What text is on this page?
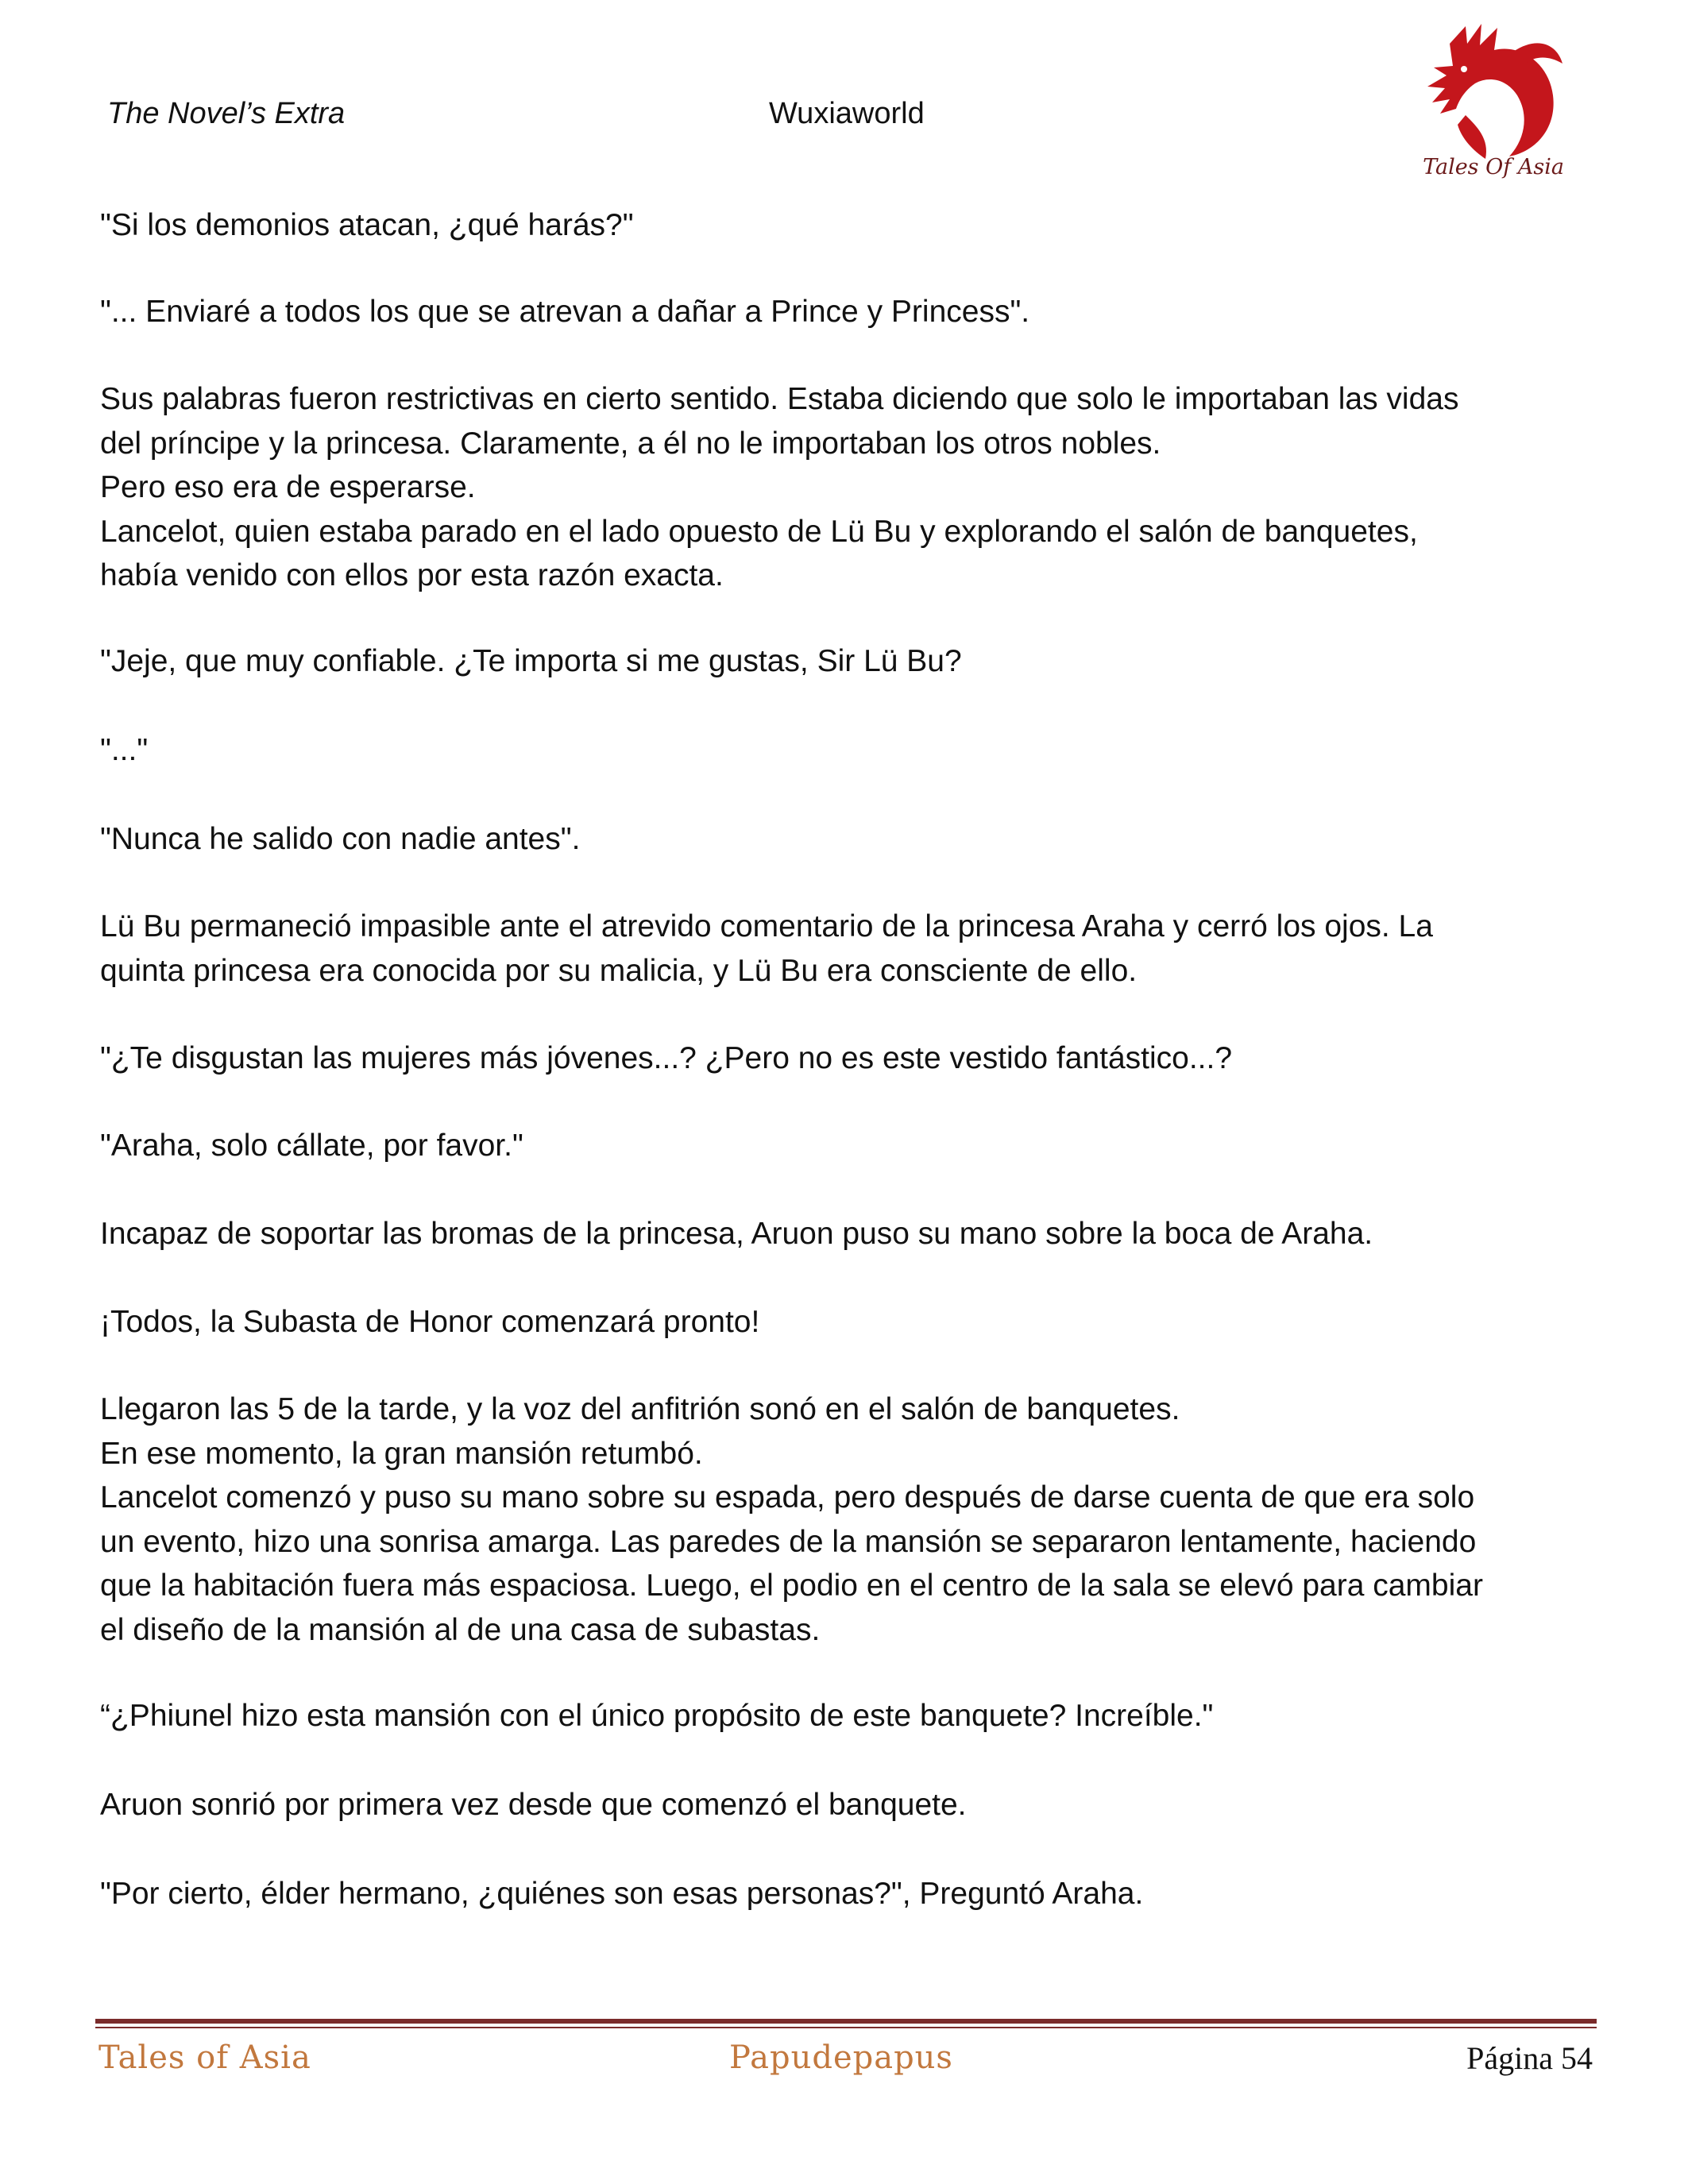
The Novel’s Extra	Wuxiaworld
Tales Of Asia
"Si los demonios atacan, ¿qué harás?"
"... Enviaré a todos los que se atrevan a dañar a Prince y Princess".
Sus palabras fueron restrictivas en cierto sentido. Estaba diciendo que solo le importaban las vidas
del príncipe y la princesa. Claramente, a él no le importaban los otros nobles.
Pero eso era de esperarse.
Lancelot, quien estaba parado en el lado opuesto de Lü Bu y explorando el salón de banquetes,
había venido con ellos por esta razón exacta.
"Jeje, que muy confiable. ¿Te importa si me gustas, Sir Lü Bu?
"..."
"Nunca he salido con nadie antes".
Lü Bu permaneció impasible ante el atrevido comentario de la princesa Araha y cerró los ojos. La
quinta princesa era conocida por su malicia, y Lü Bu era consciente de ello.
"¿Te disgustan las mujeres más jóvenes...? ¿Pero no es este vestido fantástico...?
"Araha, solo cállate, por favor."
Incapaz de soportar las bromas de la princesa, Aruon puso su mano sobre la boca de Araha.
¡Todos, la Subasta de Honor comenzará pronto!
Llegaron las 5 de la tarde, y la voz del anfitrión sonó en el salón de banquetes.
En ese momento, la gran mansión retumbó.
Lancelot comenzó y puso su mano sobre su espada, pero después de darse cuenta de que era solo
un evento, hizo una sonrisa amarga. Las paredes de la mansión se separaron lentamente, haciendo
que la habitación fuera más espaciosa. Luego, el podio en el centro de la sala se elevó para cambiar
el diseño de la mansión al de una casa de subastas.
“¿Phiunel hizo esta mansión con el único propósito de este banquete? Increíble."
Aruon sonrió por primera vez desde que comenzó el banquete.
"Por cierto, élder hermano, ¿quiénes son esas personas?", Preguntó Araha.
Tales of Asia	Papudepapus	Página 54
